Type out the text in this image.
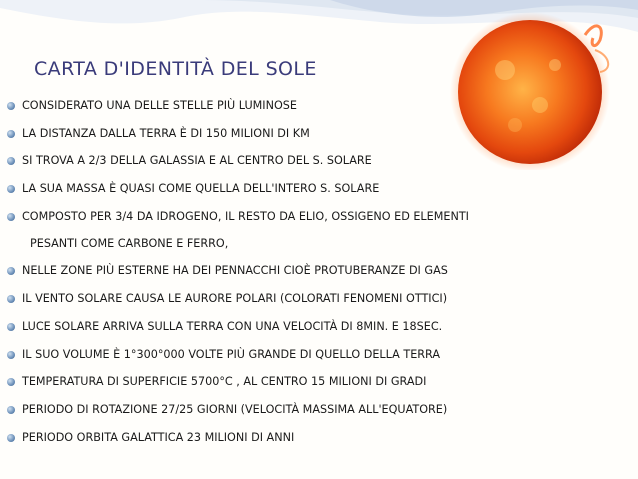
CARTA D'IDENTITÀ DEL SOLE
CONSIDERATO UNA DELLE STELLE PIÙ LUMINOSE
LA DISTANZA DALLA TERRA È DI 150 MILIONI DI KM
SI TROVA A 2/3 DELLA GALASSIA E AL CENTRO DEL S. SOLARE
LA SUA MASSA È QUASI COME QUELLA DELL'INTERO S. SOLARE
COMPOSTO PER 3/4 DA IDROGENO, IL RESTO DA ELIO, OSSIGENO ED ELEMENTI
PESANTI COME CARBONE E FERRO,
NELLE ZONE PIÙ ESTERNE HA DEI PENNACCHI CIOÈ PROTUBERANZE DI GAS
IL VENTO SOLARE CAUSA LE AURORE POLARI (COLORATI FENOMENI OTTICI)
LUCE SOLARE ARRIVA SULLA TERRA CON UNA VELOCITÀ DI 8MIN. E 18SEC.
IL SUO VOLUME È 1°300°000 VOLTE PIÙ GRANDE DI QUELLO DELLA TERRA
TEMPERATURA DI SUPERFICIE 5700°C , AL CENTRO 15 MILIONI DI GRADI
PERIODO DI ROTAZIONE 27/25 GIORNI (VELOCITÀ MASSIMA ALL'EQUATORE)
PERIODO ORBITA GALATTICA 23 MILIONI DI ANNI
